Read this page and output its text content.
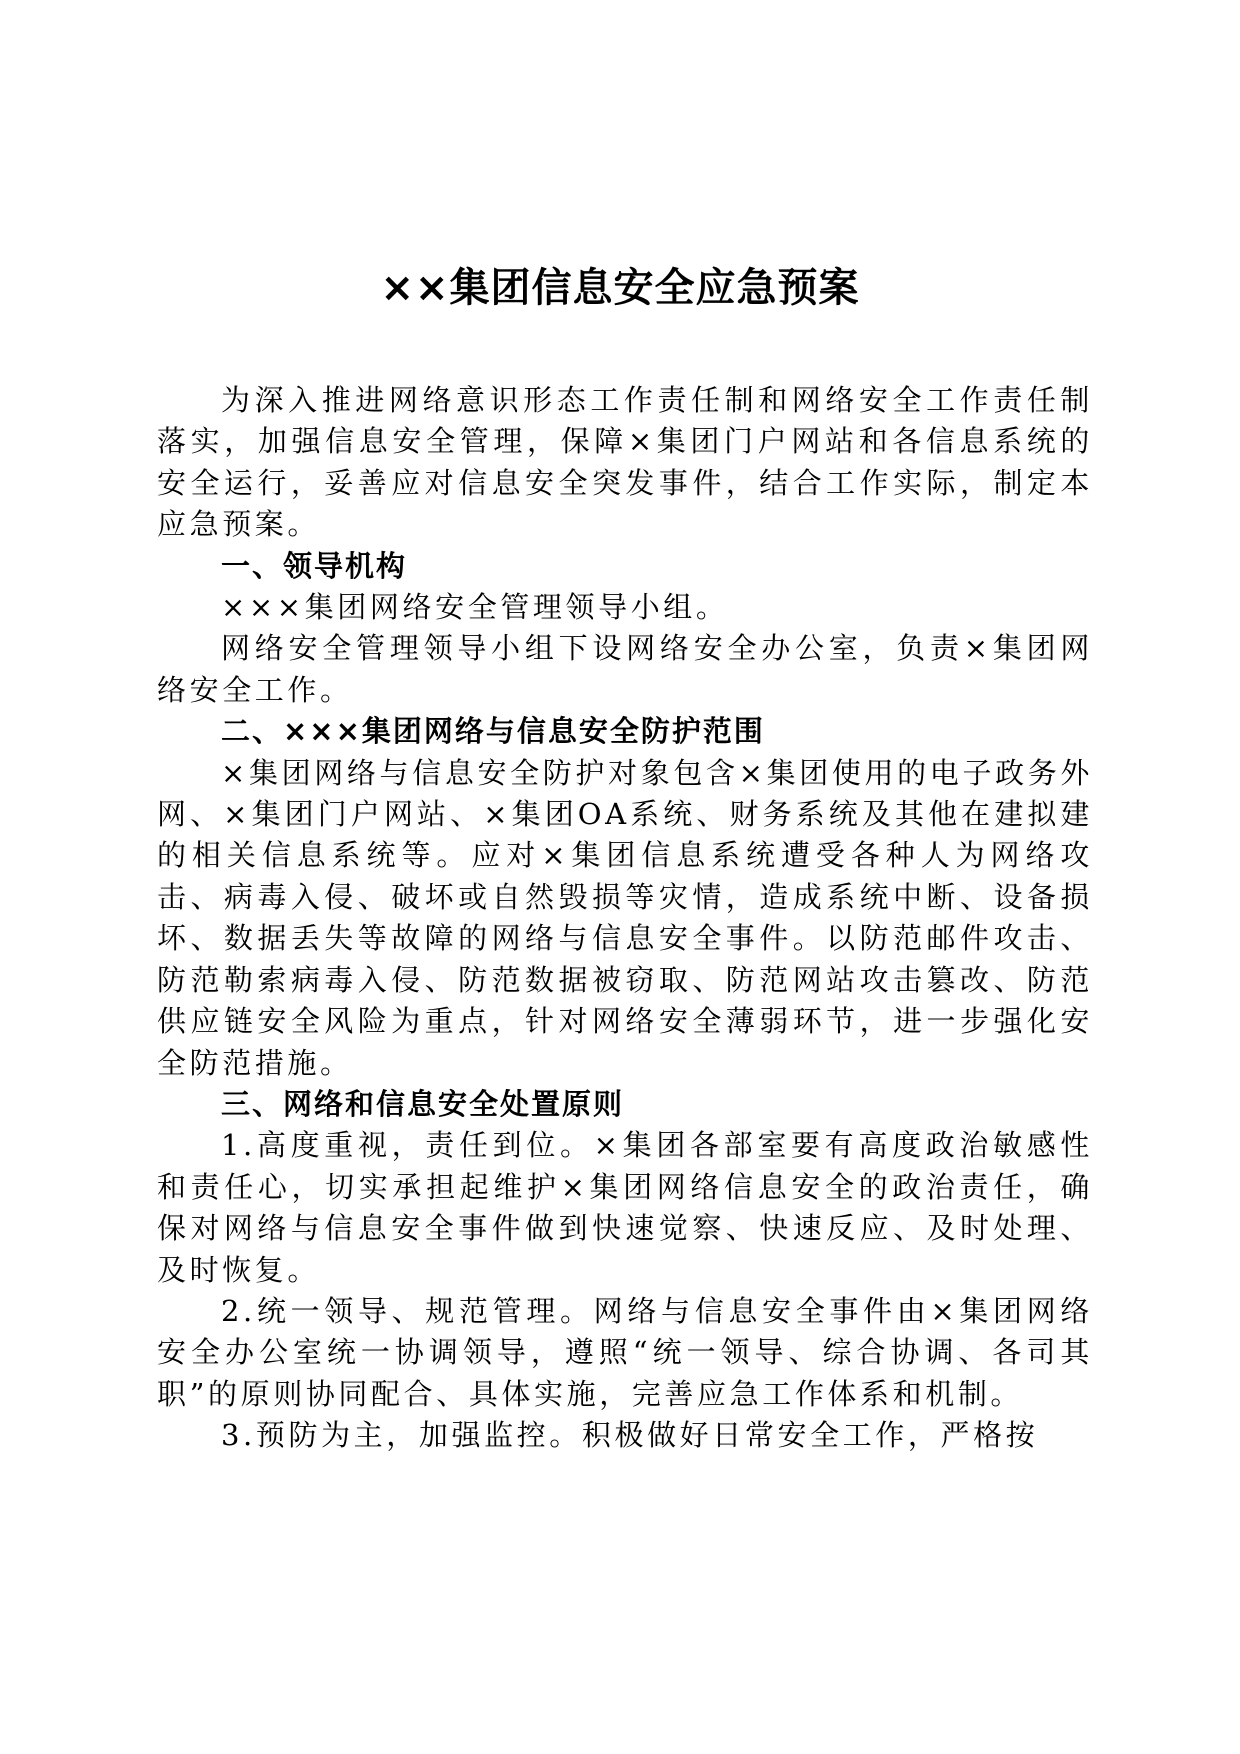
××集团信息安全应急预案

为深入推进网络意识形态工作责任制和网络安全工作责任制落实，加强信息安全管理，保障×集团门户网站和各信息系统的安全运行，妥善应对信息安全突发事件，结合工作实际，制定本应急预案。

一、领导机构

×××集团网络安全管理领导小组。

网络安全管理领导小组下设网络安全办公室，负责×集团网络安全工作。

二、×××集团网络与信息安全防护范围

×集团网络与信息安全防护对象包含×集团使用的电子政务外网、×集团门户网站、×集团OA系统、财务系统及其他在建拟建的相关信息系统等。应对×集团信息系统遭受各种人为网络攻击、病毒入侵、破坏或自然毁损等灾情，造成系统中断、设备损坏、数据丢失等故障的网络与信息安全事件。以防范邮件攻击、防范勒索病毒入侵、防范数据被窃取、防范网站攻击篡改、防范供应链安全风险为重点，针对网络安全薄弱环节，进一步强化安全防范措施。

三、网络和信息安全处置原则

1.高度重视，责任到位。×集团各部室要有高度政治敏感性和责任心，切实承担起维护×集团网络信息安全的政治责任，确保对网络与信息安全事件做到快速觉察、快速反应、及时处理、及时恢复。

2.统一领导、规范管理。网络与信息安全事件由×集团网络安全办公室统一协调领导，遵照“统一领导、综合协调、各司其职”的原则协同配合、具体实施，完善应急工作体系和机制。

3.预防为主，加强监控。积极做好日常安全工作，严格按
